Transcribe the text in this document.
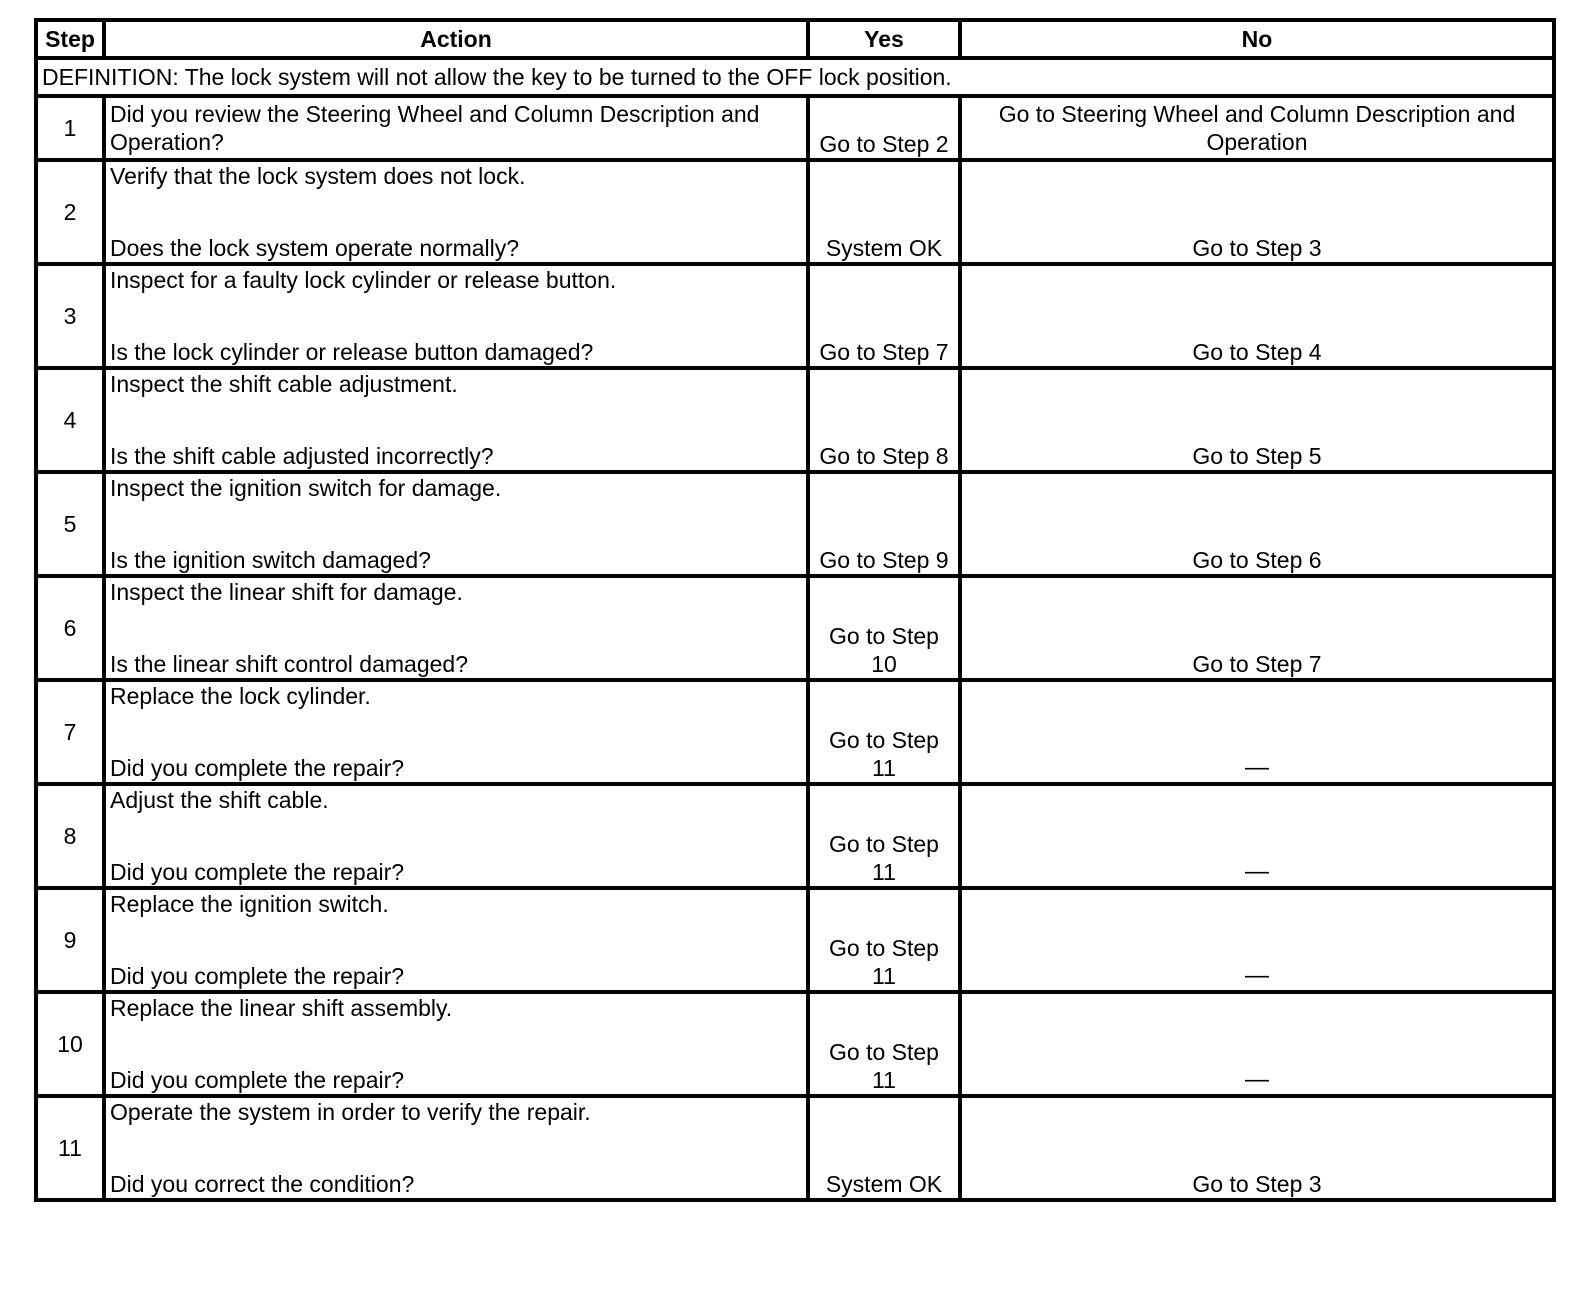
Step	Action	Yes	No
DEFINITION: The lock system will not allow the key to be turned to the OFF lock position.			
1	Did you review the Steering Wheel and Column Description and Operation?	Go to Step 2	Go to Steering Wheel and Column Description and Operation
2	Verify that the lock system does not lock.
Does the lock system operate normally?	System OK	Go to Step 3
3	Inspect for a faulty lock cylinder or release button.
Is the lock cylinder or release button damaged?	Go to Step 7	Go to Step 4
4	Inspect the shift cable adjustment.
Is the shift cable adjusted incorrectly?	Go to Step 8	Go to Step 5
5	Inspect the ignition switch for damage.
Is the ignition switch damaged?	Go to Step 9	Go to Step 6
6	Inspect the linear shift for damage.
Is the linear shift control damaged?	Go to Step 10	Go to Step 7
7	Replace the lock cylinder.
Did you complete the repair?	Go to Step 11	—
8	Adjust the shift cable.
Did you complete the repair?	Go to Step 11	—
9	Replace the ignition switch.
Did you complete the repair?	Go to Step 11	—
10	Replace the linear shift assembly.
Did you complete the repair?	Go to Step 11	—
11	Operate the system in order to verify the repair.
Did you correct the condition?	System OK	Go to Step 3
